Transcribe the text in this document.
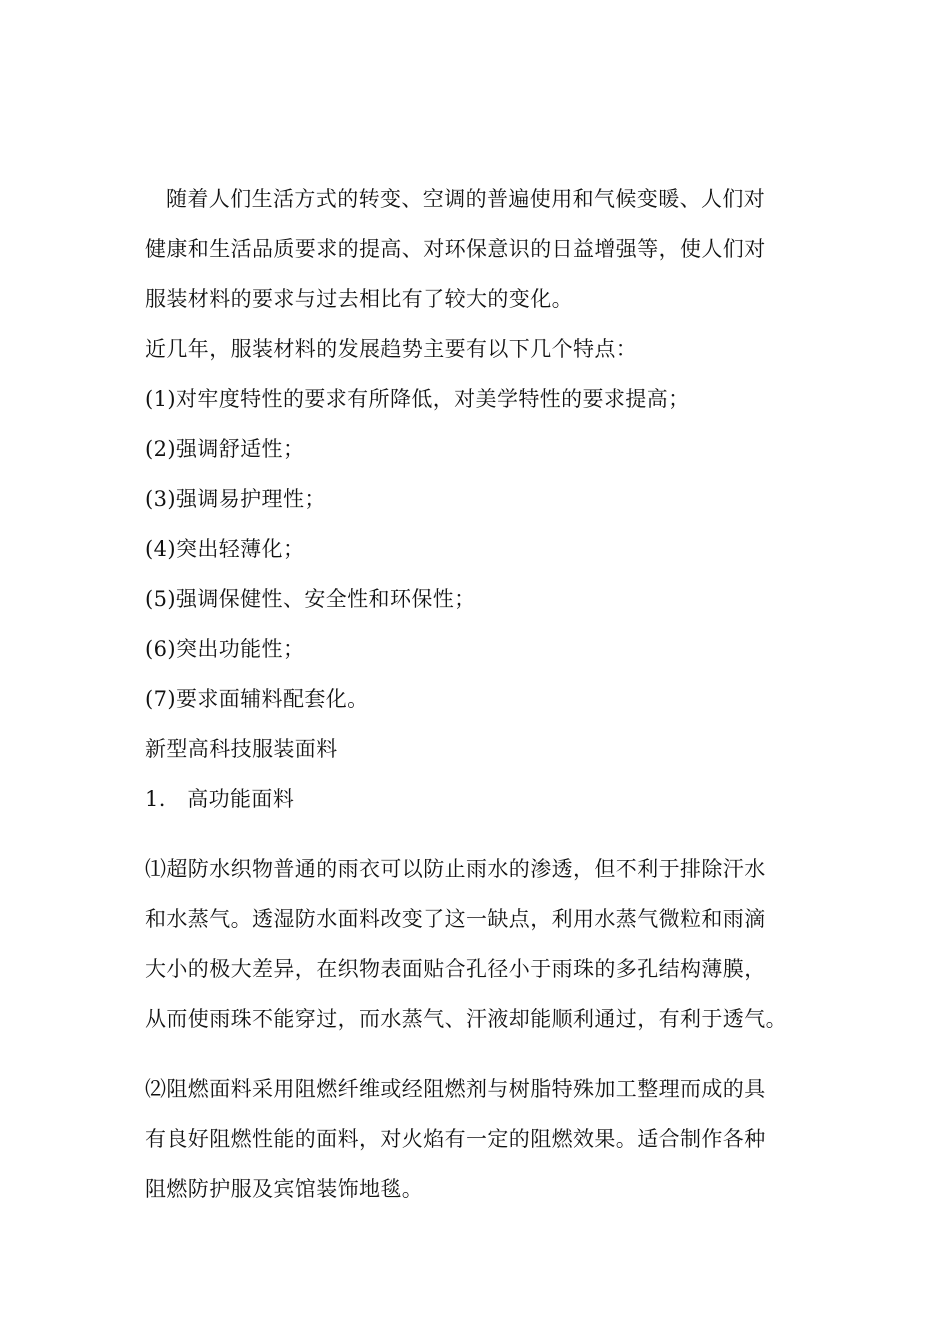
随着人们生活方式的转变、空调的普遍使用和气候变暖、人们对
健康和生活品质要求的提高、对环保意识的日益增强等，使人们对
服装材料的要求与过去相比有了较大的变化。
近几年，服装材料的发展趋势主要有以下几个特点：
(1)对牢度特性的要求有所降低，对美学特性的要求提高；
(2)强调舒适性；
(3)强调易护理性；
(4)突出轻薄化；
(5)强调保健性、安全性和环保性；
(6)突出功能性；
(7)要求面辅料配套化。
新型高科技服装面料
1.　高功能面料
⑴超防水织物普通的雨衣可以防止雨水的渗透，但不利于排除汗水
和水蒸气。透湿防水面料改变了这一缺点，利用水蒸气微粒和雨滴
大小的极大差异，在织物表面贴合孔径小于雨珠的多孔结构薄膜，
从而使雨珠不能穿过，而水蒸气、汗液却能顺利通过，有利于透气。
⑵阻燃面料采用阻燃纤维或经阻燃剂与树脂特殊加工整理而成的具
有良好阻燃性能的面料，对火焰有一定的阻燃效果。适合制作各种
阻燃防护服及宾馆装饰地毯。
